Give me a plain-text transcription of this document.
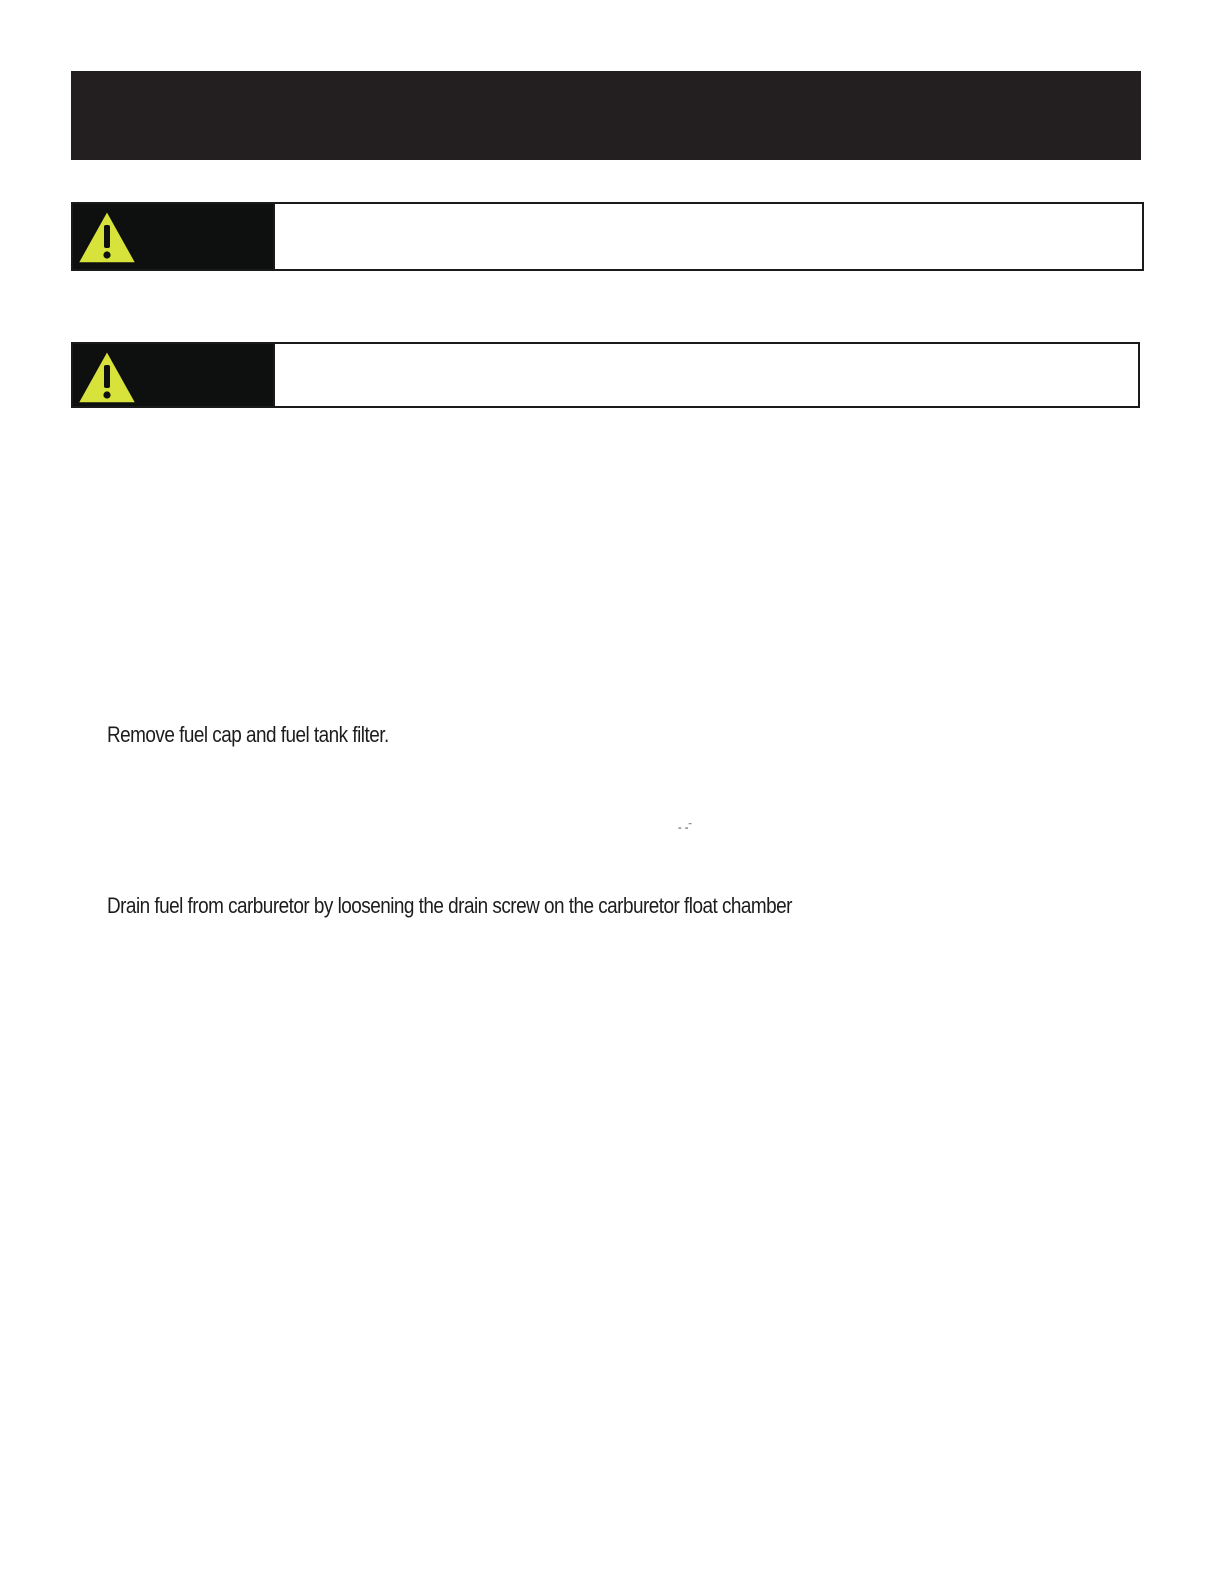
Remove fuel cap and fuel tank filter.
- -ˉ
Drain fuel from carburetor by loosening the drain screw on the carburetor float chamber
